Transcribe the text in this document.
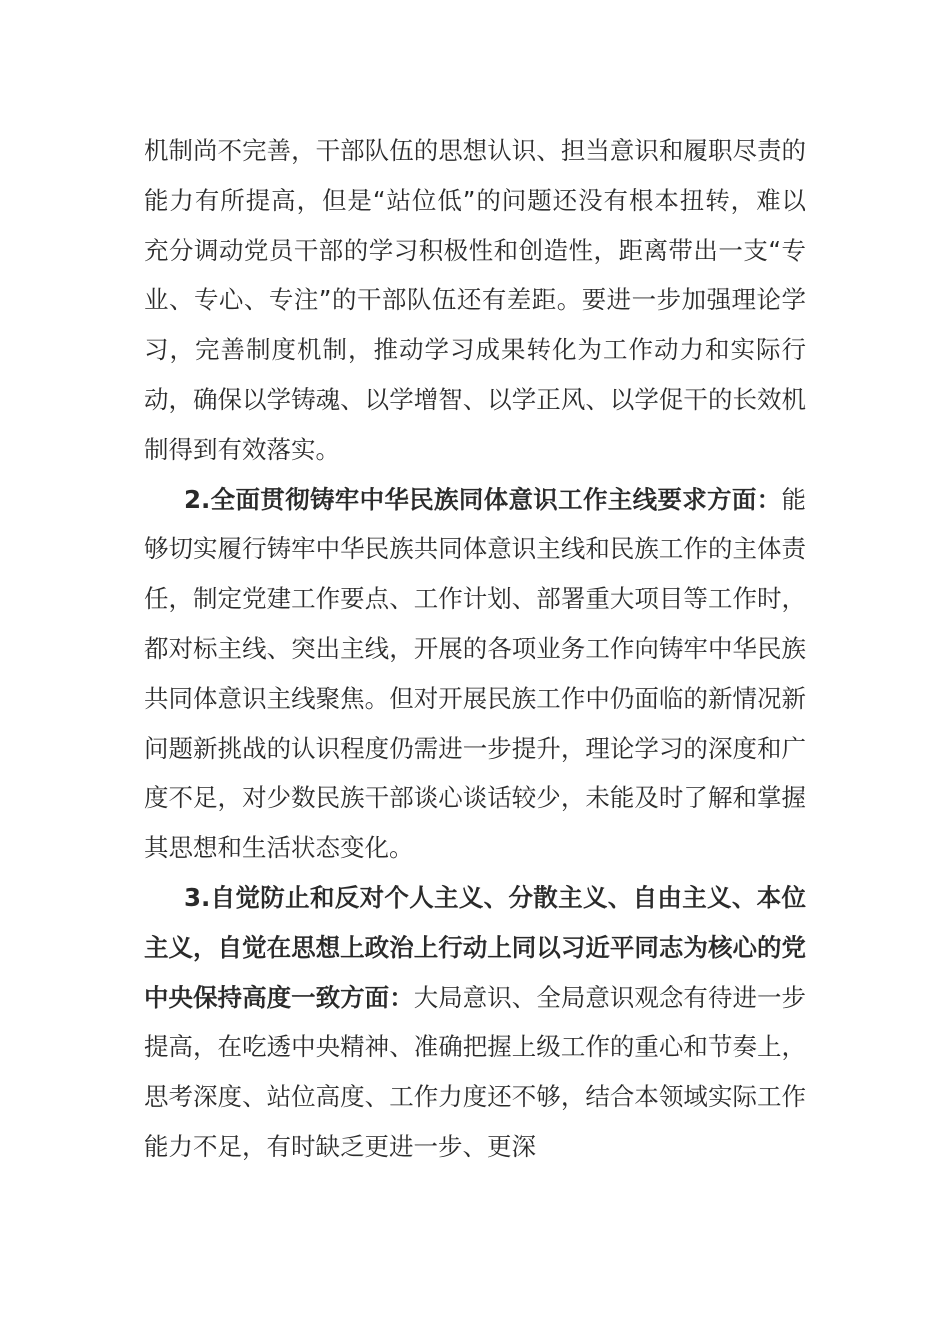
机制尚不完善，干部队伍的思想认识、担当意识和履职尽责的能力有所提高，但是“站位低”的问题还没有根本扭转，难以充分调动党员干部的学习积极性和创造性，距离带出一支“专业、专心、专注”的干部队伍还有差距。要进一步加强理论学习，完善制度机制，推动学习成果转化为工作动力和实际行动，确保以学铸魂、以学增智、以学正风、以学促干的长效机制得到有效落实。

2.全面贯彻铸牢中华民族同体意识工作主线要求方面：能够切实履行铸牢中华民族共同体意识主线和民族工作的主体责任，制定党建工作要点、工作计划、部署重大项目等工作时，都对标主线、突出主线，开展的各项业务工作向铸牢中华民族共同体意识主线聚焦。但对开展民族工作中仍面临的新情况新问题新挑战的认识程度仍需进一步提升，理论学习的深度和广度不足，对少数民族干部谈心谈话较少，未能及时了解和掌握其思想和生活状态变化。

3.自觉防止和反对个人主义、分散主义、自由主义、本位主义，自觉在思想上政治上行动上同以习近平同志为核心的党中央保持高度一致方面：大局意识、全局意识观念有待进一步提高，在吃透中央精神、准确把握上级工作的重心和节奏上，思考深度、站位高度、工作力度还不够，结合本领域实际工作能力不足，有时缺乏更进一步、更深
